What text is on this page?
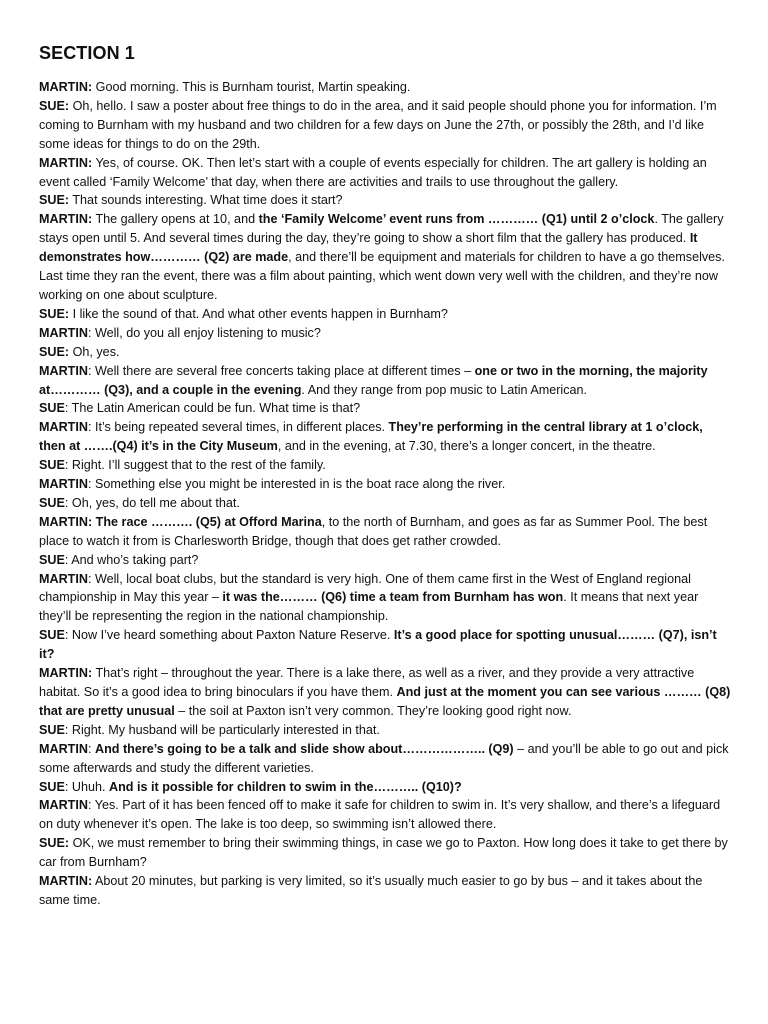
SECTION 1

MARTIN: Good morning. This is Burnham tourist, Martin speaking.

SUE: Oh, hello. I saw a poster about free things to do in the area, and it said people should phone you for information. I’m coming to Burnham with my husband and two children for a few days on June the 27th, or possibly the 28th, and I’d like some ideas for things to do on the 29th.

MARTIN: Yes, of course. OK. Then let’s start with a couple of events especially for children. The art gallery is holding an event called ‘Family Welcome’ that day, when there are activities and trails to use throughout the gallery.

SUE: That sounds interesting. What time does it start?

MARTIN: The gallery opens at 10, and the ‘Family Welcome’ event runs from ………… (Q1) until 2 o’clock. The gallery stays open until 5. And several times during the day, they’re going to show a short film that the gallery has produced. It demonstrates how………… (Q2) are made, and there’ll be equipment and materials for children to have a go themselves. Last time they ran the event, there was a film about painting, which went down very well with the children, and they’re now working on one about sculpture.

SUE: I like the sound of that. And what other events happen in Burnham?

MARTIN: Well, do you all enjoy listening to music?

SUE: Oh, yes.

MARTIN: Well there are several free concerts taking place at different times – one or two in the morning, the majority at………… (Q3), and a couple in the evening. And they range from pop music to Latin American.

SUE: The Latin American could be fun. What time is that?

MARTIN: It’s being repeated several times, in different places. They’re performing in the central library at 1 o’clock, then at …….(Q4) it’s in the City Museum, and in the evening, at 7.30, there’s a longer concert, in the theatre.

SUE: Right. I’ll suggest that to the rest of the family.

MARTIN: Something else you might be interested in is the boat race along the river.

SUE: Oh, yes, do tell me about that.

MARTIN: The race ………. (Q5) at Offord Marina, to the north of Burnham, and goes as far as Summer Pool. The best place to watch it from is Charlesworth Bridge, though that does get rather crowded.

SUE: And who’s taking part?

MARTIN: Well, local boat clubs, but the standard is very high. One of them came first in the West of England regional championship in May this year – it was the……… (Q6) time a team from Burnham has won. It means that next year they’ll be representing the region in the national championship.

SUE: Now I’ve heard something about Paxton Nature Reserve. It’s a good place for spotting unusual……… (Q7), isn’t it?

MARTIN: That’s right – throughout the year. There is a lake there, as well as a river, and they provide a very attractive habitat. So it’s a good idea to bring binoculars if you have them. And just at the moment you can see various ……… (Q8) that are pretty unusual – the soil at Paxton isn’t very common. They’re looking good right now.

SUE: Right. My husband will be particularly interested in that.

MARTIN: And there’s going to be a talk and slide show about……………….. (Q9) – and you’ll be able to go out and pick some afterwards and study the different varieties.

SUE: Uhuh. And is it possible for children to swim in the……….. (Q10)?

MARTIN: Yes. Part of it has been fenced off to make it safe for children to swim in. It’s very shallow, and there’s a lifeguard on duty whenever it’s open. The lake is too deep, so swimming isn’t allowed there.

SUE: OK, we must remember to bring their swimming things, in case we go to Paxton. How long does it take to get there by car from Burnham?

MARTIN: About 20 minutes, but parking is very limited, so it’s usually much easier to go by bus – and it takes about the same time.
